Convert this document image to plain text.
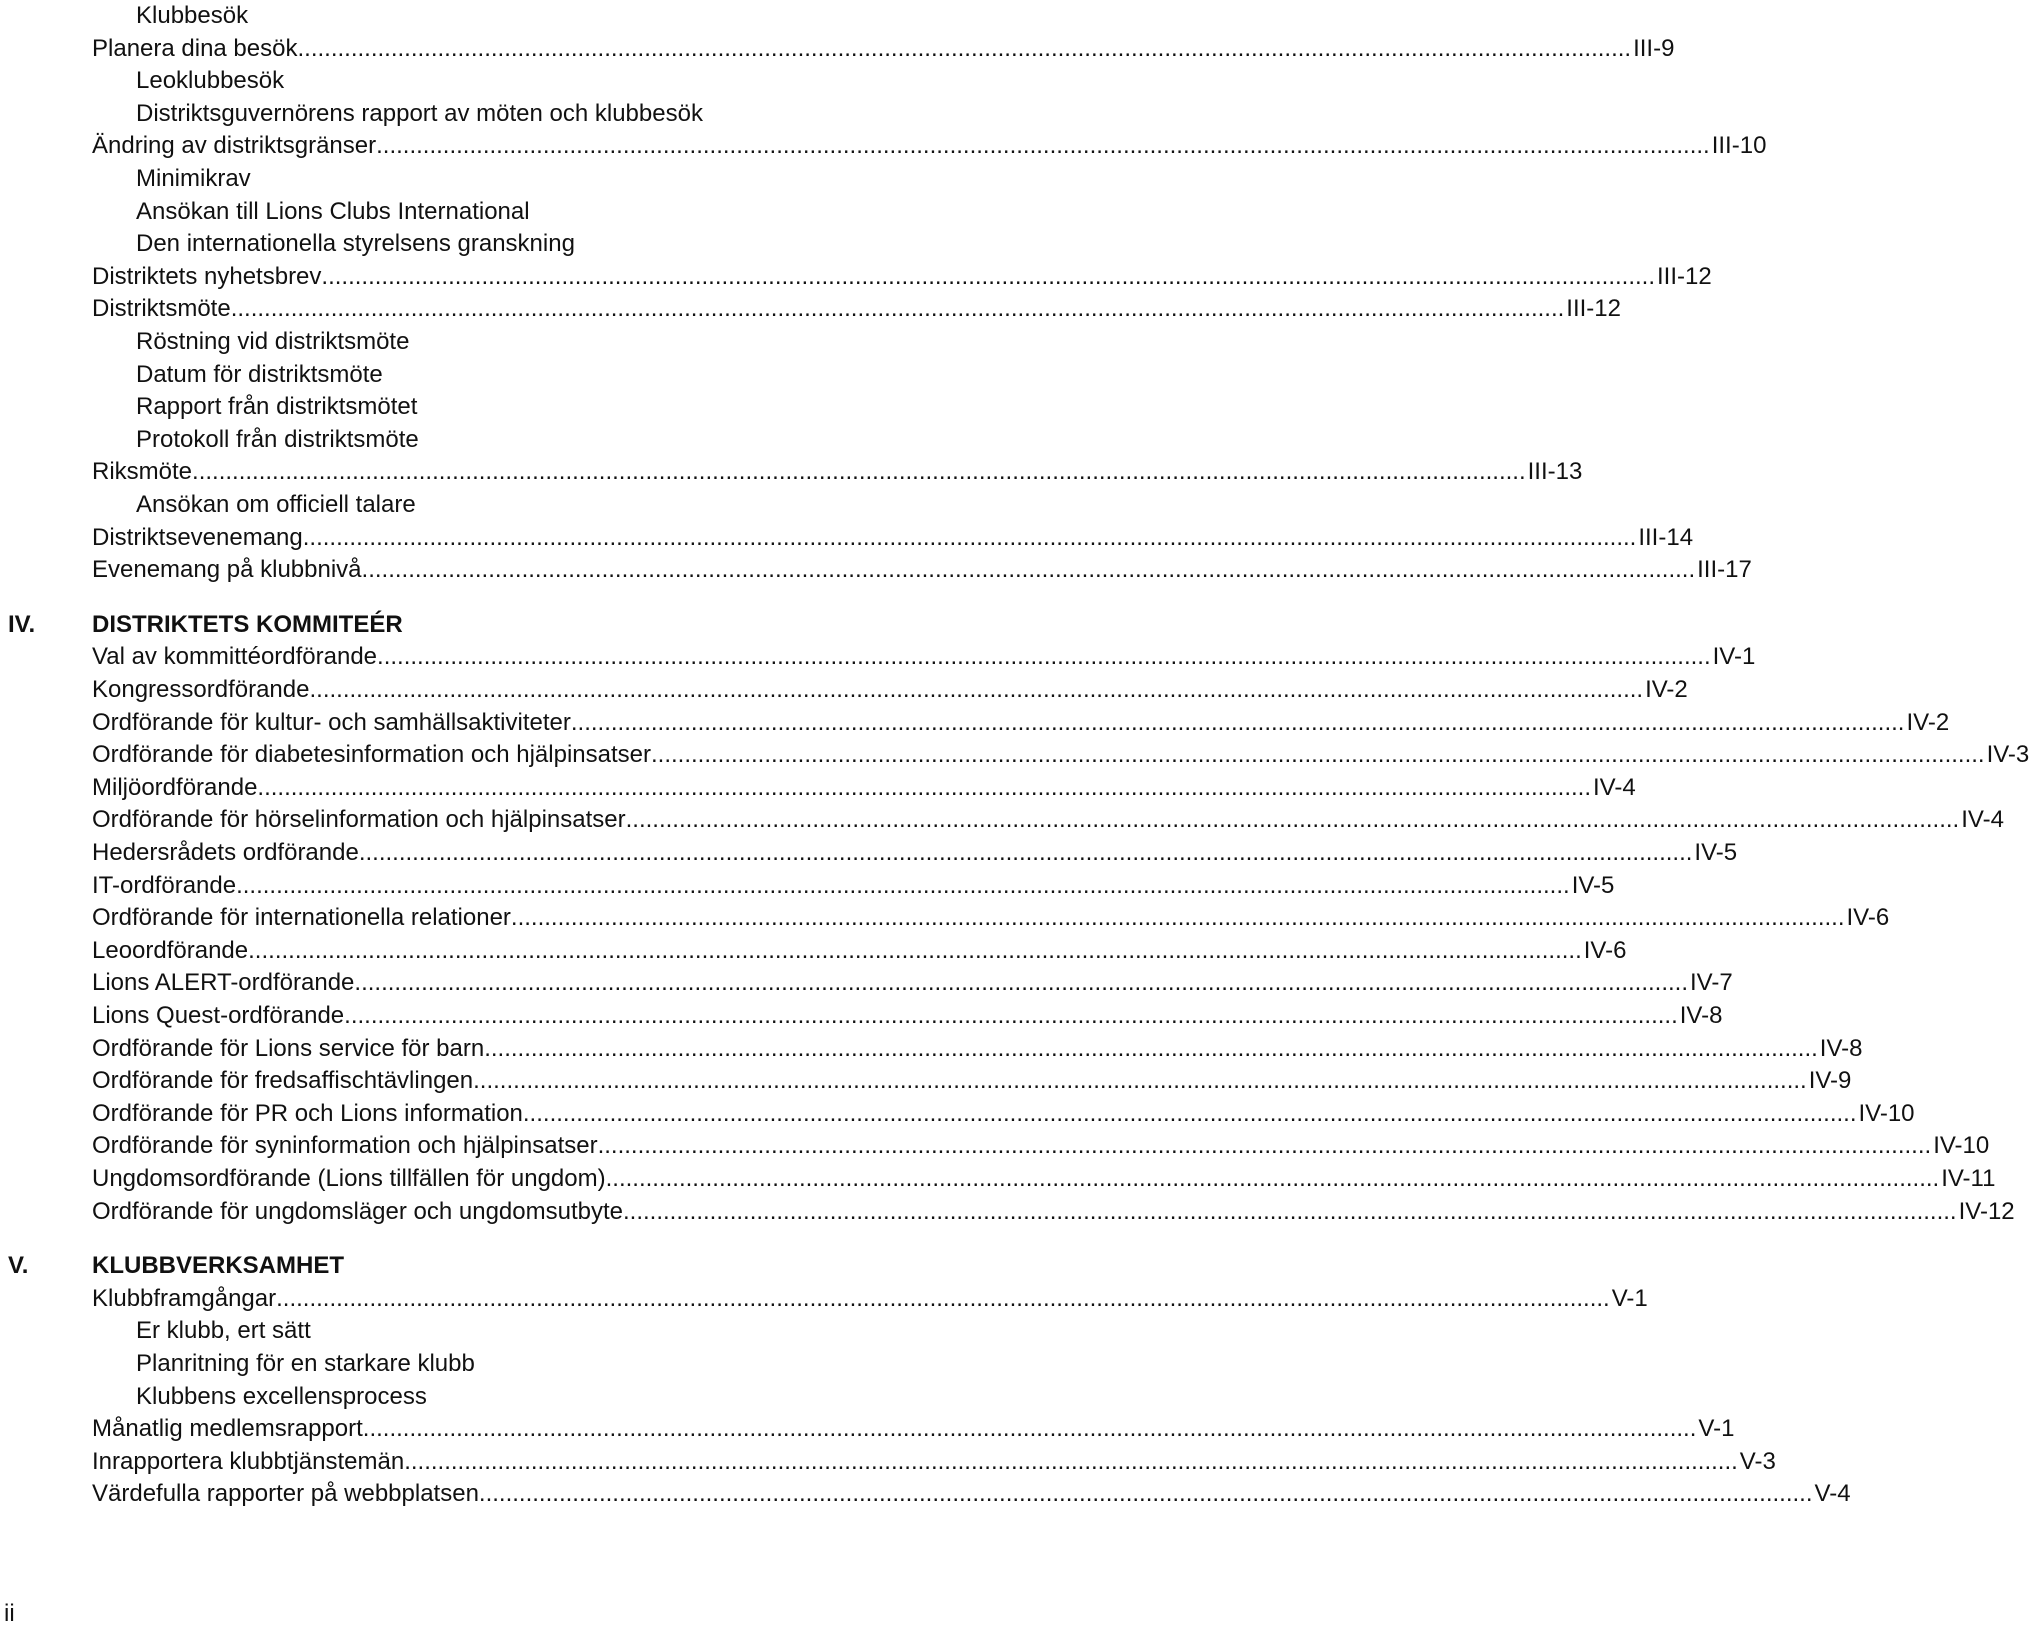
Klubbesök
Planera dina besök ........................................................................................................................................................................................................ III-9
Leoklubbesök
Distriktsguvernörens rapport av möten och klubbesök
Ändring av distriktsgränser ........................................................................................................................................................................................................ III-10
Minimikrav
Ansökan till Lions Clubs International
Den internationella styrelsens granskning
Distriktets nyhetsbrev ........................................................................................................................................................................................................ III-12
Distriktsmöte ........................................................................................................................................................................................................ III-12
Röstning vid distriktsmöte
Datum för distriktsmöte
Rapport från distriktsmötet
Protokoll från distriktsmöte
Riksmöte ........................................................................................................................................................................................................ III-13
Ansökan om officiell talare
Distriktsevenemang ........................................................................................................................................................................................................ III-14
Evenemang på klubbnivå ........................................................................................................................................................................................................ III-17
IV. DISTRIKTETS KOMMITEÉR
Val av kommittéordförande ........................................................................................................................................................................................................ IV-1
Kongressordförande ........................................................................................................................................................................................................ IV-2
Ordförande för kultur- och samhällsaktiviteter ........................................................................................................................................................................................................ IV-2
Ordförande för diabetesinformation och hjälpinsatser ........................................................................................................................................................................................................ IV-3
Miljöordförande ........................................................................................................................................................................................................ IV-4
Ordförande för hörselinformation och hjälpinsatser ........................................................................................................................................................................................................ IV-4
Hedersrådets ordförande ........................................................................................................................................................................................................ IV-5
IT-ordförande ........................................................................................................................................................................................................ IV-5
Ordförande för internationella relationer ........................................................................................................................................................................................................ IV-6
Leoordförande ........................................................................................................................................................................................................ IV-6
Lions ALERT-ordförande ........................................................................................................................................................................................................ IV-7
Lions Quest-ordförande ........................................................................................................................................................................................................ IV-8
Ordförande för Lions service för barn ........................................................................................................................................................................................................ IV-8
Ordförande för fredsaffischtävlingen ........................................................................................................................................................................................................ IV-9
Ordförande för PR och Lions information ........................................................................................................................................................................................................ IV-10
Ordförande för syninformation och hjälpinsatser ........................................................................................................................................................................................................ IV-10
Ungdomsordförande (Lions tillfällen för ungdom) ........................................................................................................................................................................................................ IV-11
Ordförande för ungdomsläger och ungdomsutbyte ........................................................................................................................................................................................................ IV-12
V.	KLUBBVERKSAMHET
Klubbframgångar ........................................................................................................................................................................................................ V-1
Er klubb, ert sätt
Planritning för en starkare klubb
Klubbens excellensprocess
Månatlig medlemsrapport ........................................................................................................................................................................................................ V-1
Inrapportera klubbtjänstemän ........................................................................................................................................................................................................ V-3
Värdefulla rapporter på webbplatsen ........................................................................................................................................................................................................ V-4
ii
